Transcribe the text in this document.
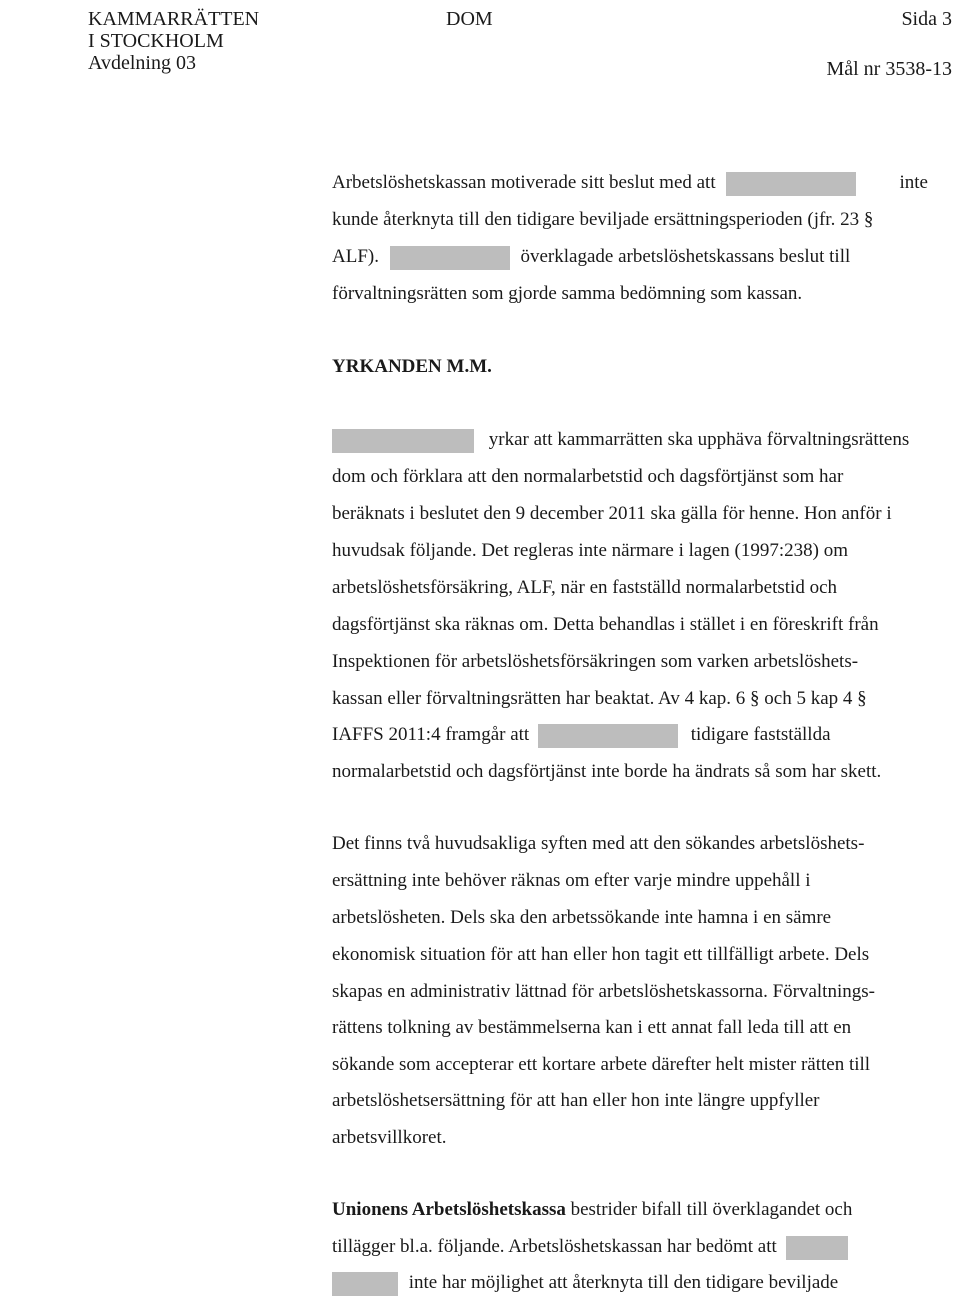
KAMMARRÄTTEN
I STOCKHOLM
Avdelning 03
DOM	Sida 3
Mål nr 3538-13
Arbetslöshetskassan motiverade sitt beslut med att	inte
kunde återknyta till den tidigare beviljade ersättningsperioden (jfr. 23 §
ALF).	överklagade arbetslöshetskassans beslut till
förvaltningsrätten som gjorde samma bedömning som kassan.
YRKANDEN M.M.
yrkar att kammarrätten ska upphäva förvaltningsrättens
dom och förklara att den normalarbetstid och dagsförtjänst som har
beräknats i beslutet den 9 december 2011 ska gälla för henne. Hon anför i
huvudsak följande. Det regleras inte närmare i lagen (1997:238) om
arbetslöshetsförsäkring, ALF, när en fastställd normalarbetstid och
dagsförtjänst ska räknas om. Detta behandlas i stället i en föreskrift från
Inspektionen för arbetslöshetsförsäkringen som varken arbetslöshets-
kassan eller förvaltningsrätten har beaktat. Av 4 kap. 6 § och 5 kap 4 §
IAFFS 2011:4 framgår att	tidigare fastställda
normalarbetstid och dagsförtjänst inte borde ha ändrats så som har skett.
Det finns två huvudsakliga syften med att den sökandes arbetslöshets-
ersättning inte behöver räknas om efter varje mindre uppehåll i
arbetslösheten. Dels ska den arbetssökande inte hamna i en sämre
ekonomisk situation för att han eller hon tagit ett tillfälligt arbete. Dels
skapas en administrativ lättnad för arbetslöshetskassorna. Förvaltnings-
rättens tolkning av bestämmelserna kan i ett annat fall leda till att en
sökande som accepterar ett kortare arbete därefter helt mister rätten till
arbetslöshetsersättning för att han eller hon inte längre uppfyller
arbetsvillkoret.
Unionens Arbetslöshetskassa bestrider bifall till överklagandet och
tillägger bl.a. följande. Arbetslöshetskassan har bedömt att
inte har möjlighet att återknyta till den tidigare beviljade
